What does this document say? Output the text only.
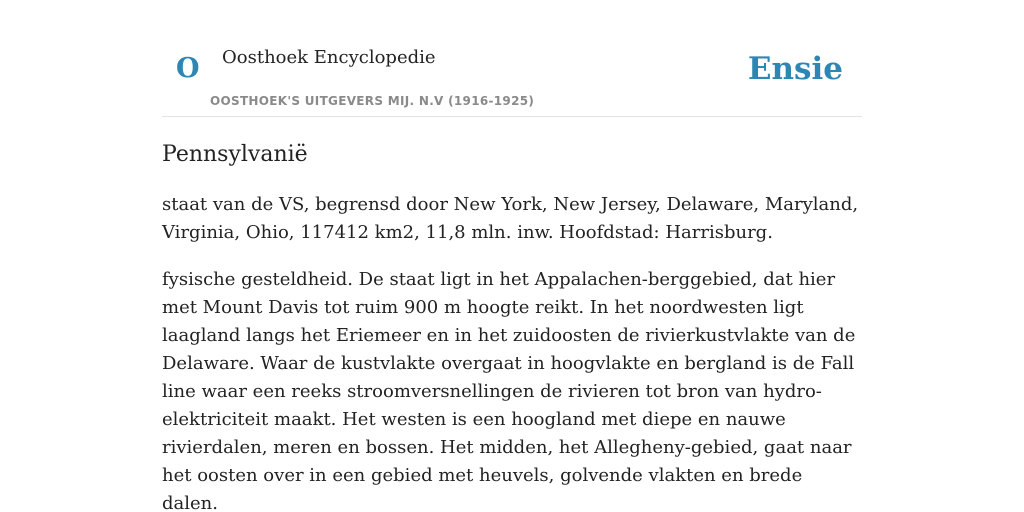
O Oosthoek Encyclopedie
OOSTHOEK'S UITGEVERS MIJ. N.V (1916-1925)
Ensie
Pennsylvanië

staat van de VS, begrensd door New York, New Jersey, Delaware, Maryland, Virginia, Ohio, 117412 km2, 11,8 mln. inw. Hoofdstad: Harrisburg.

fysische gesteldheid. De staat ligt in het Appalachen-berggebied, dat hier met Mount Davis tot ruim 900 m hoogte reikt. In het noordwesten ligt laagland langs het Eriemeer en in het zuidoosten de rivierkustvlakte van de Delaware. Waar de kustvlakte overgaat in hoogvlakte en bergland is de Fall line waar een reeks stroomversnellingen de rivieren tot bron van hydro-elektriciteit maakt. Het westen is een hoogland met diepe en nauwe rivierdalen, meren en bossen. Het midden, het Allegheny-gebied, gaat naar het oosten over in een gebied met heuvels, golvende vlakten en brede dalen.
